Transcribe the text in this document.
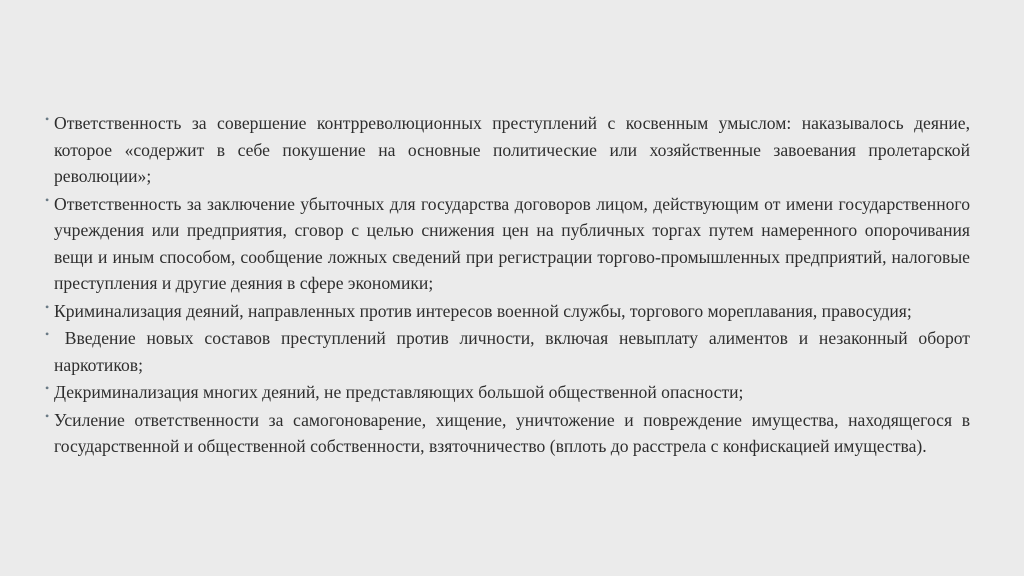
• Ответственность за совершение контрреволюционных преступлений с косвенным умыслом: наказывалось деяние, которое «содержит в себе покушение на основные политические или хозяйственные завоевания пролетарской революции»;

• Ответственность за заключение убыточных для государства договоров лицом, действующим от имени государственного учреждения или предприятия, сговор с целью снижения цен на публичных торгах путем намеренного опорочивания вещи и иным способом, сообщение ложных сведений при регистрации торгово-промышленных предприятий, налоговые преступления и другие деяния в сфере экономики;

• Криминализация деяний, направленных против интересов военной службы, торгового мореплавания, правосудия;

• Введение новых составов преступлений против личности, включая невыплату алиментов и незаконный оборот наркотиков;

• Декриминализация многих деяний, не представляющих большой общественной опасности;

• Усиление ответственности за самогоноварение, хищение, уничтожение и повреждение имущества, находящегося в государственной и общественной собственности, взяточничество (вплоть до расстрела с конфискацией имущества).
